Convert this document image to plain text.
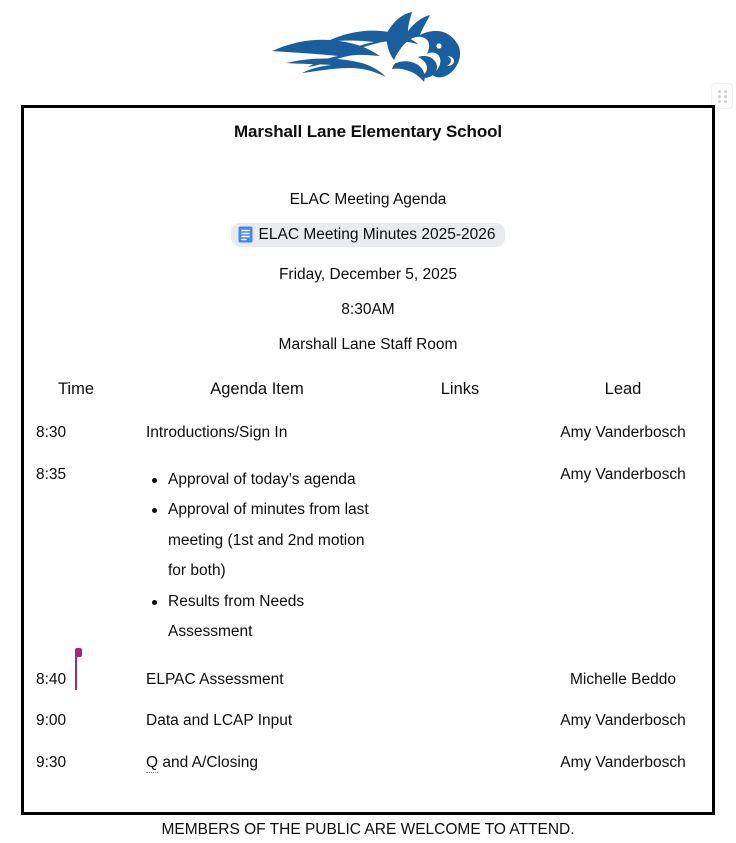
Marshall Lane Elementary School
ELAC Meeting Agenda
ELAC Meeting Minutes 2025-2026
Friday, December 5, 2025
8:30AM
Marshall Lane Staff Room
Time	Agenda Item	Links	Lead
8:30	Introductions/Sign In		Amy Vanderbosch
8:35	Approval of today’s agenda
Approval of minutes from last meeting (1st and 2nd motion for both)
Results from Needs Assessment
		Amy Vanderbosch
8:40	ELPAC Assessment		Michelle Beddo
9:00	Data and LCAP Input		Amy Vanderbosch
9:30	Q and A/Closing		Amy Vanderbosch
MEMBERS OF THE PUBLIC ARE WELCOME TO ATTEND.
